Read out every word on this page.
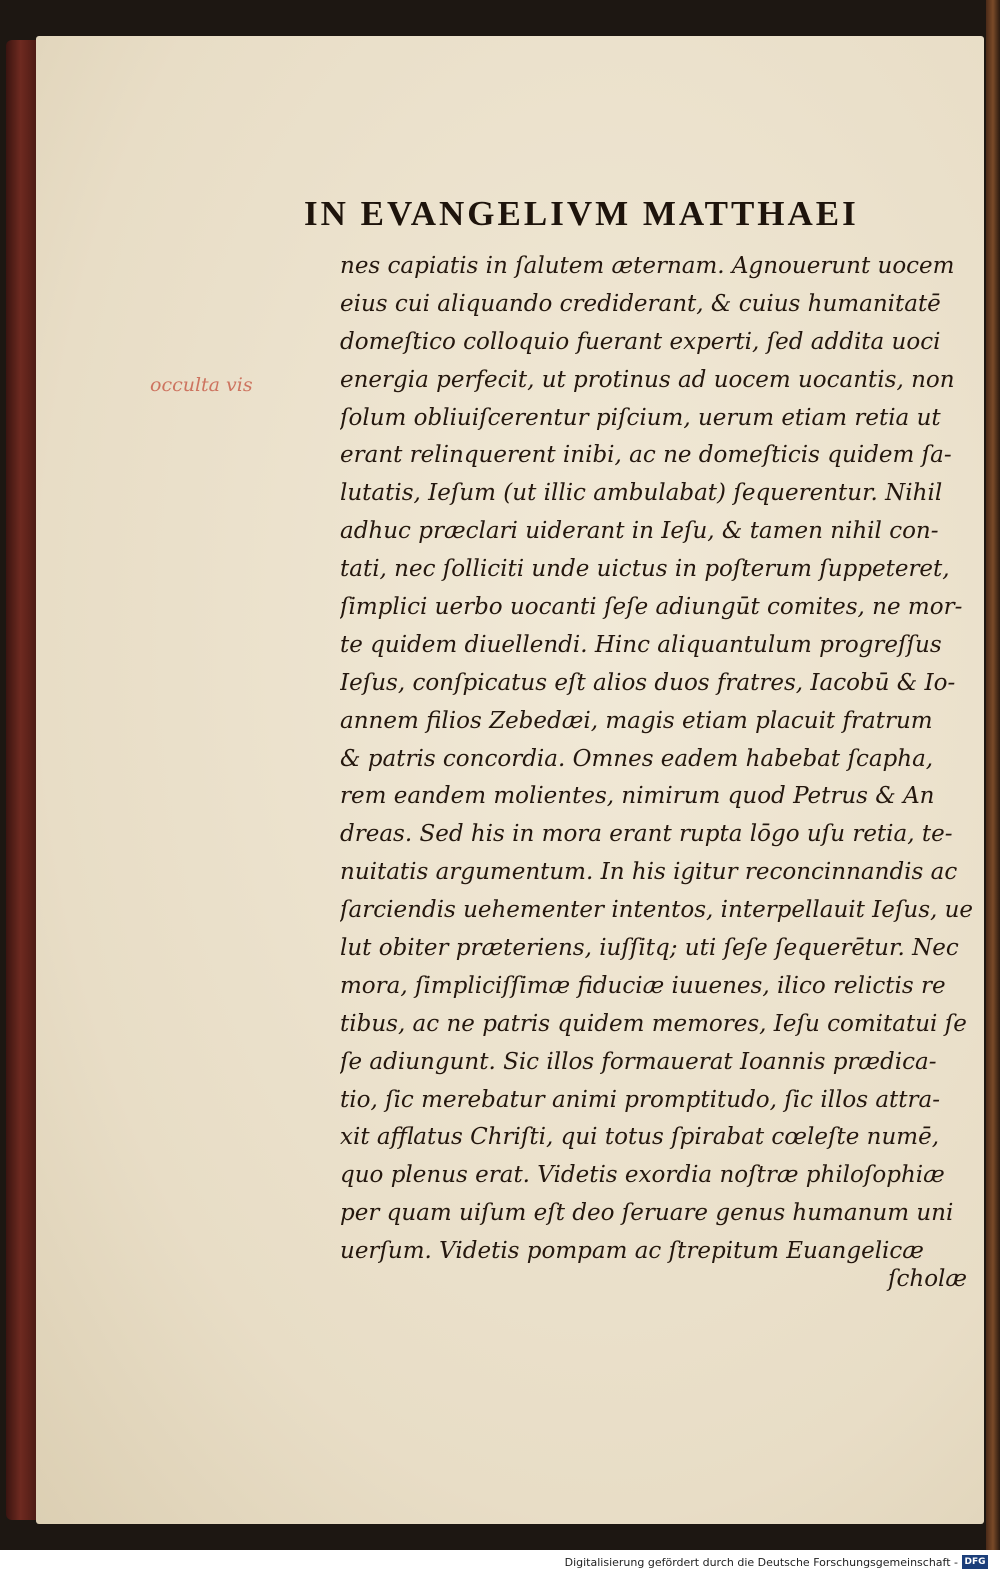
occulta vis
IN EVANGELIVM MATTHAEI
nes capiatis in ſalutem æternam. Agnouerunt uocem
eius cui aliquando crediderant, & cuius humanitatē
domeſtico colloquio fuerant experti, ſed addita uoci
energia perfecit, ut protinus ad uocem uocantis, non
ſolum obliuiſcerentur piſcium, uerum etiam retia ut
erant relinquerent inibi, ac ne domeſticis quidem ſa-
lutatis, Ieſum (ut illic ambulabat) ſequerentur. Nihil
adhuc præclari uiderant in Ieſu, & tamen nihil con-
tati, nec ſolliciti unde uictus in poſterum ſuppeteret,
ſimplici uerbo uocanti ſeſe adiungūt comites, ne mor-
te quidem diuellendi. Hinc aliquantulum progreſſus
Ieſus, conſpicatus eſt alios duos fratres, Iacobū & Io-
annem filios Zebedæi, magis etiam placuit fratrum
& patris concordia. Omnes eadem habebat ſcapha,
rem eandem molientes, nimirum quod Petrus & An
dreas. Sed his in mora erant rupta lōgo uſu retia, te-
nuitatis argumentum. In his igitur reconcinnandis ac
ſarciendis uehementer intentos, interpellauit Ieſus, ue
lut obiter præteriens, iuſſitq; uti ſeſe ſequerētur. Nec
mora, ſimpliciſſimæ fiduciæ iuuenes, ilico relictis re
tibus, ac ne patris quidem memores, Ieſu comitatui ſe
ſe adiungunt. Sic illos formauerat Ioannis prædica-
tio, ſic merebatur animi promptitudo, ſic illos attra-
xit afflatus Chriſti, qui totus ſpirabat cœleſte numē,
quo plenus erat. Videtis exordia noſtræ philoſophiæ
per quam uiſum eſt deo ſeruare genus humanum uni
uerſum. Videtis pompam ac ſtrepitum Euangelicæ
ſcholæ
Digitalisierung gefördert durch die Deutsche Forschungsgemeinschaft - DFG
